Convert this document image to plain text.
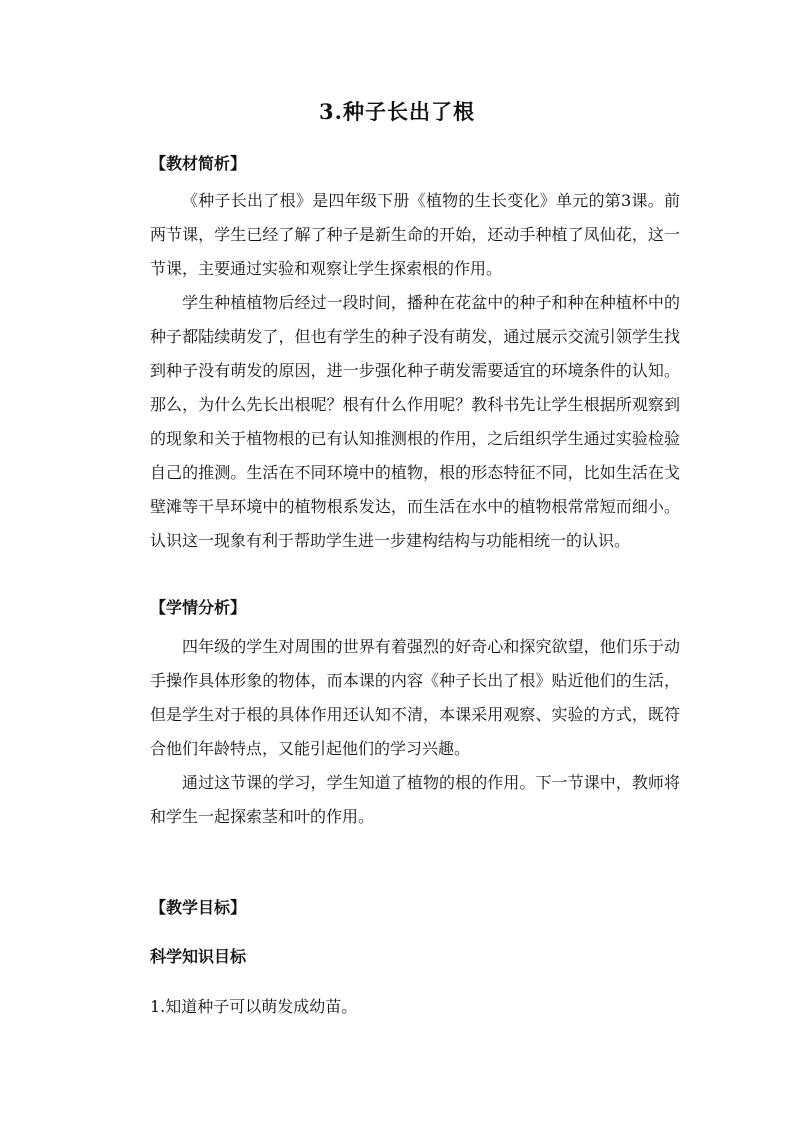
3.种子长出了根
【教材简析】

《种子长出了根》是四年级下册《植物的生长变化》单元的第3课。前两节课，学生已经了解了种子是新生命的开始，还动手种植了凤仙花，这一节课，主要通过实验和观察让学生探索根的作用。

学生种植植物后经过一段时间，播种在花盆中的种子和种在种植杯中的种子都陆续萌发了，但也有学生的种子没有萌发，通过展示交流引领学生找到种子没有萌发的原因，进一步强化种子萌发需要适宜的环境条件的认知。那么，为什么先长出根呢？根有什么作用呢？教科书先让学生根据所观察到的现象和关于植物根的已有认知推测根的作用，之后组织学生通过实验检验自己的推测。生活在不同环境中的植物，根的形态特征不同，比如生活在戈壁滩等干旱环境中的植物根系发达，而生活在水中的植物根常常短而细小。认识这一现象有利于帮助学生进一步建构结构与功能相统一的认识。

【学情分析】

四年级的学生对周围的世界有着强烈的好奇心和探究欲望，他们乐于动手操作具体形象的物体，而本课的内容《种子长出了根》贴近他们的生活，但是学生对于根的具体作用还认知不清，本课采用观察、实验的方式，既符合他们年龄特点，又能引起他们的学习兴趣。

通过这节课的学习，学生知道了植物的根的作用。下一节课中，教师将和学生一起探索茎和叶的作用。

【教学目标】
科学知识目标

1.知道种子可以萌发成幼苗。
